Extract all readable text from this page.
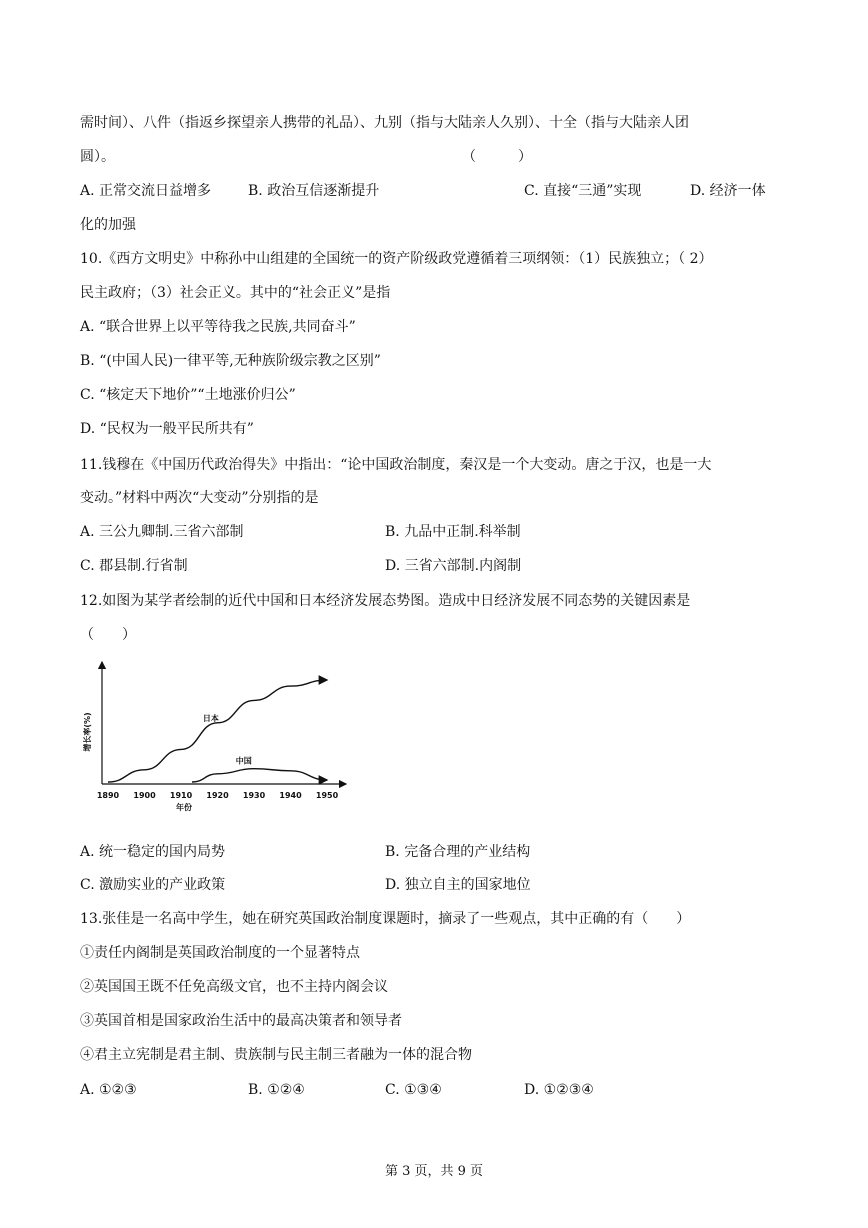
需时间）、八件（指返乡探望亲人携带的礼品）、九别（指与大陆亲人久别）、十全（指与大陆亲人团
圆）。	（　　　）
A. 正常交流日益增多	B. 政治互信逐渐提升	C. 直接“三通”实现	D. 经济一体
化的加强
10.《西方文明史》中称孙中山组建的全国统一的资产阶级政党遵循着三项纲领：（1）民族独立；（ 2）
民主政府；（3）社会正义。其中的“社会正义”是指
A. “联合世界上以平等待我之民族,共同奋斗”
B. “(中国人民)一律平等,无种族阶级宗教之区别”
C. “核定天下地价”“土地涨价归公”
D. “民权为一般平民所共有”
11.钱穆在《中国历代政治得失》中指出：“论中国政治制度，秦汉是一个大变动。唐之于汉，也是一大
变动。”材料中两次“大变动”分别指的是
A. 三公九卿制.三省六部制	B. 九品中正制.科举制
C. 郡县制.行省制	D. 三省六部制.内阁制
12.如图为某学者绘制的近代中国和日本经济发展态势图。造成中日经济发展不同态势的关键因素是
（　　）
增长率(%)
年份
1890 1900 1910 1920 1930 1940 1950
日本
中国
A. 统一稳定的国内局势	B. 完备合理的产业结构
C. 激励实业的产业政策	D. 独立自主的国家地位
13.张佳是一名高中学生，她在研究英国政治制度课题时，摘录了一些观点，其中正确的有（　　）
①责任内阁制是英国政治制度的一个显著特点
②英国国王既不任免高级文官，也不主持内阁会议
③英国首相是国家政治生活中的最高决策者和领导者
④君主立宪制是君主制、贵族制与民主制三者融为一体的混合物
A. ①②③	B. ①②④	C. ①③④	D. ①②③④
第 3 页，共 9 页
